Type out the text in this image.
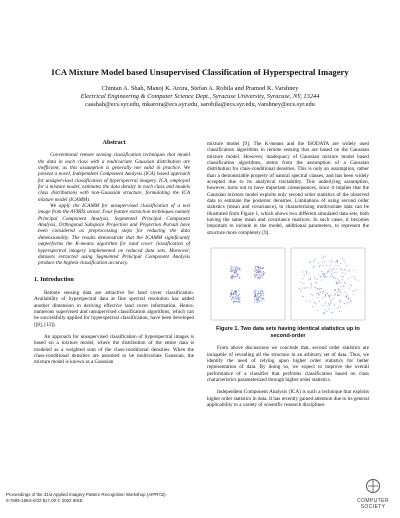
ICA Mixture Model based Unsupervised Classification of Hyperspectral Imagery
Chintan A. Shah, Manoj K. Arora, Stefan A. Robila and Pramod K. Varshney
Electrical Engineering & Computer Science Dept., Syracuse University, Syracuse, NY, 13244
casshah@ecs.syr.edu, mkarora@ecs.syr.edu, sarobila@ecs.syr.edu, varshney@ecs.syr.edu
Abstract

Conventional remote sensing classification techniques that model the data in each class with a multivariate Gaussian distribution are inefficient, as this assumption is generally not valid in practice. We present a novel, Independent Component Analysis (ICA) based approach for unsupervised classification of hyperspectral imagery. ICA, employed for a mixture model, estimates the data density in each class and models class distributions with non-Gaussian structure, formulating the ICA mixture model (ICAMM).

We apply the ICAMM for unsupervised classification of a test image from the AVIRIS sensor. Four feature extraction techniques namely Principal Component Analysis, Segmented Principal Component Analysis, Orthogonal Subspace Projection and Projection Pursuit have been considered as preprocessing steps for reducing the data dimensionality. The results demonstrate that the ICAMM significantly outperforms the K-means algorithm for land cover classification of hyperspectral imagery implemented on reduced data sets. Moreover, datasets extracted using Segmented Principal Component Analysis produce the highest classification accuracy.

1. Introduction

Remote sensing data are attractive for land cover classification. Availability of hyperspectral data at fine spectral resolution has added another dimension in deriving effective land cover information. Hence, numerous supervised and unsupervised classification algorithms, which can be successfully applied for hyperspectral classification, have been developed ([8], [13]).

An approach for unsupervised classification of hyperspectral images is based on a mixture model, where the distribution of the entire data is modeled as a weighted sum of the class-conditional densities. When the class-conditional densities are assumed to be multivariate Gaussian, the mixture model is known as a Gaussian

mixture model [9]. The K-means and the ISODATA are widely used classification algorithms in remote sensing that are based on the Gaussian mixture model. However, inadequacy of Gaussian mixture model based classification algorithms, stems from the assumption of a Gaussian distribution for class-conditional densities. This is only an assumption, rather than a demonstrable property of natural spectral classes, and has been widely accepted due to its analytical tractability. This underlying assumption, however, turns out to have important consequences, since it implies that the Gaussian mixture model exploits only second order statistics of the observed data to estimate the posterior densities. Limitations of using second order statistics (mean and covariance), in characterizing multivariate data can be illustrated from Figure 1, which shows two different simulated data sets, both having the same mean and covariance matrices. In such cases, it becomes important to include in the model, additional parameters, to represent the structure more completely [9].

Figure 1. Two data sets having identical statistics up to second-order

From above discussions we conclude that, second order statistics are incapable of revealing all the structure in an arbitrary set of data. Thus, we identify the need of relying upon higher order statistics for better representation of data. By doing so, we expect to improve the overall performance of a classifier that performs classification based on class characteristics parameterized through higher order statistics.

Independent Component Analysis (ICA) is such a technique that exploits higher order statistics in data. It has recently gained attention due to its general applicability to a variety of scientific research disciplines

Proceedings of the 31st Applied Imagery Pattern Recognition Workshop (AIPR'02)
0-7695-1863-X/02 $17.00 © 2002 IEEE	COMPUTER
SOCIETY
